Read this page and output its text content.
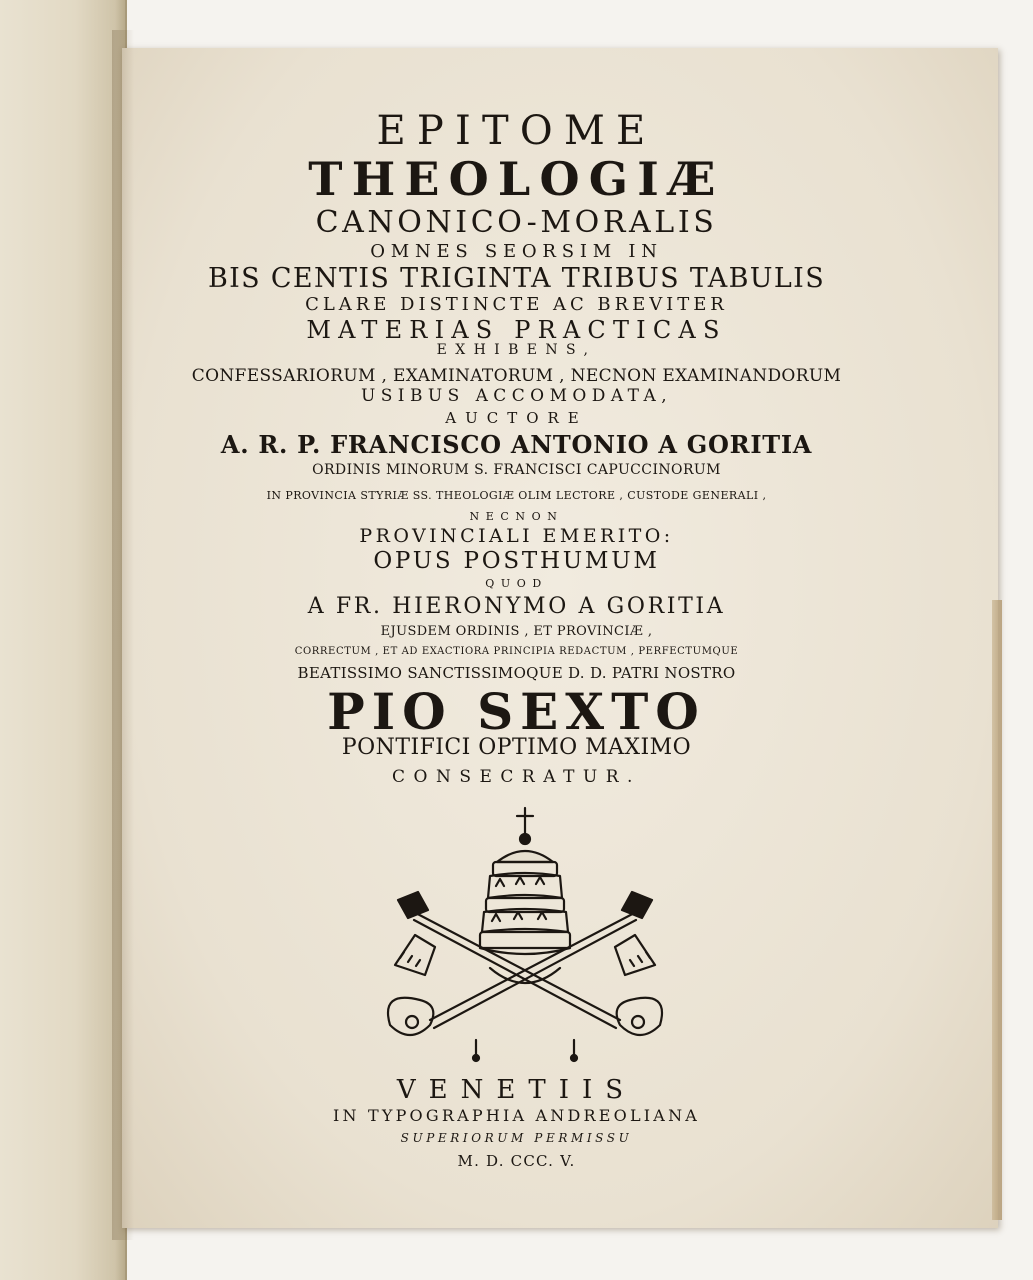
EPITOME

THEOLOGIÆ

CANONICO-MORALIS

OMNES SEORSIM IN

BIS CENTIS TRIGINTA TRIBUS TABULIS

CLARE DISTINCTE AC BREVITER

MATERIAS PRACTICAS

EXHIBENS,

CONFESSARIORUM , EXAMINATORUM , NECNON EXAMINANDORUM

USIBUS ACCOMODATA,

AUCTORE

A. R. P. FRANCISCO ANTONIO A GORITIA

ORDINIS MINORUM S. FRANCISCI CAPUCCINORUM

IN PROVINCIA STYRIÆ SS. THEOLOGIÆ OLIM LECTORE , CUSTODE GENERALI ,

NECNON

PROVINCIALI EMERITO:

OPUS POSTHUMUM

QUOD

A FR. HIERONYMO A GORITIA

EJUSDEM ORDINIS , ET PROVINCIÆ ,

CORRECTUM , ET AD EXACTIORA PRINCIPIA REDACTUM , PERFECTUMQUE

BEATISSIMO SANCTISSIMOQUE D. D. PATRI NOSTRO

PIO SEXTO

PONTIFICI OPTIMO MAXIMO

CONSECRATUR.

VENETIIS

IN TYPOGRAPHIA ANDREOLIANA

SUPERIORUM PERMISSU

M. D. CCC. V.
